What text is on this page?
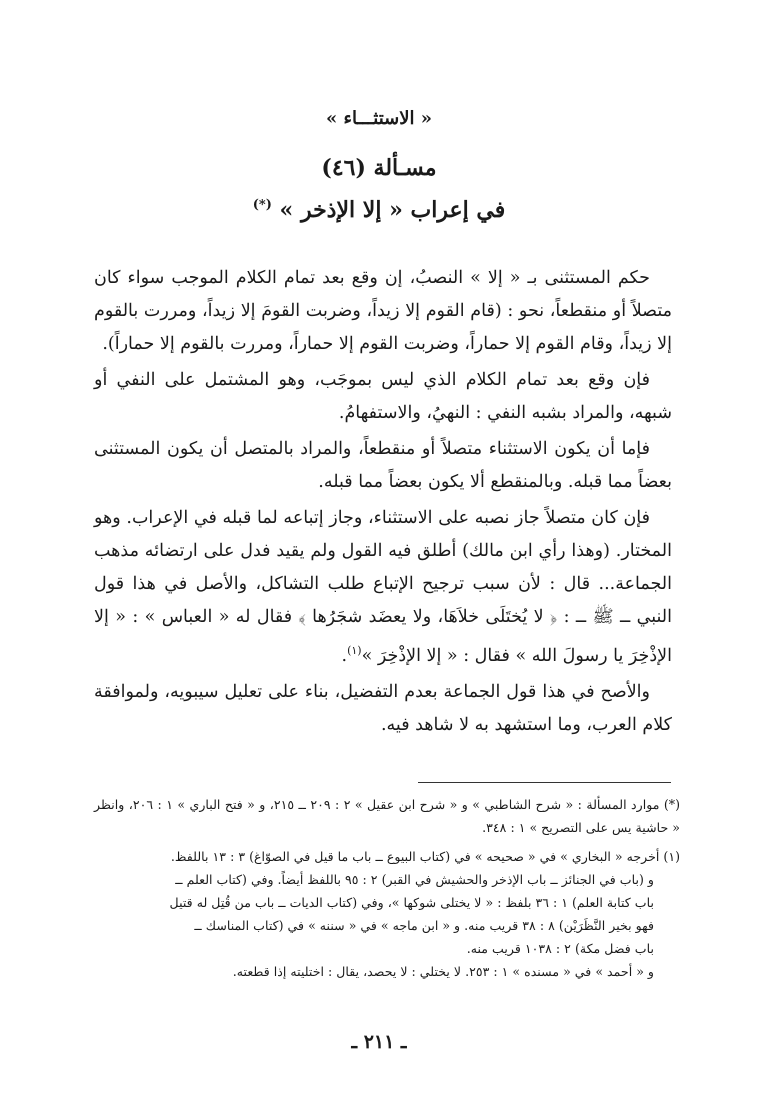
« الاستثـــاء »
مسـألة (٤٦)
في إعراب « إلا الإذخر » (*)

حكم المستثنى بـ « إلا » النصبُ، إن وقع بعد تمام الكلام الموجب سواء كان متصلاً أو منقطعاً، نحو : (قام القوم إلا زيداً، وضربت القومَ إلا زيداً، ومررت بالقوم إلا زيداً، وقام القوم إلا حماراً، وضربت القوم إلا حماراً، ومررت بالقوم إلا حماراً).

فإن وقع بعد تمام الكلام الذي ليس بموجَب، وهو المشتمل على النفي أو شبهه، والمراد بشبه النفي : النهيُ، والاستفهامُ.

فإما أن يكون الاستثناء متصلاً أو منقطعاً، والمراد بالمتصل أن يكون المستثنى بعضاً مما قبله. وبالمنقطع ألا يكون بعضاً مما قبله.

فإن كان متصلاً جاز نصبه على الاستثناء، وجاز إتباعه لما قبله في الإعراب. وهو المختار. (وهذا رأي ابن مالك) أطلق فيه القول ولم يقيد فدل على ارتضائه مذهب الجماعة... قال : لأن سبب ترجيح الإتباع طلب التشاكل، والأصل في هذا قول النبي ــ ﷺ ــ : ﴿ لا يُختَلَى خلاَهَا، ولا يعضَد شجَرُها ﴾ فقال له « العباس » : « إلا الإذْخِرَ يا رسولَ الله » فقال : « إلا الإذْخِرَ »$^{(١)}$.

والأصح في هذا قول الجماعة بعدم التفضيل، بناء على تعليل سيبويه، ولموافقة كلام العرب، وما استشهد به لا شاهد فيه.

(*) موارد المسألة : « شرح الشاطبي » و « شرح ابن عقيل » ٢ : ٢٠٩ ــ ٢١٥، و « فتح الباري » ١ : ٢٠٦، وانظر « حاشية يس على التصريح » ١ : ٣٤٨.

(١) أخرجه « البخاري » في « صحيحه » في (كتاب البيوع ــ باب ما قيل في الصوّاغ) ٣ : ١٣ باللفظ.

و (باب في الجنائز ــ باب الإذخر والحشيش في القبر) ٢ : ٩٥ باللفظ أيضاً. وفي (كتاب العلم ــ

باب كتابة العلم) ١ : ٣٦ بلفظ : « لا يختلى شوكها »، وفي (كتاب الديات ــ باب من قُتِل له قتيل

فهو بخير النَّظَرَيْن) ٨ : ٣٨ قريب منه. و « ابن ماجه » في « سننه » في (كتاب المناسك ــ

باب فضل مكة) ٢ : ١٠٣٨ قريب منه.

و « أحمد » في « مسنده » ١ : ٢٥٣. لا يختلي : لا يحصد، يقال : اختليته إذا قطعته.

ـ ٢١١ ـ
